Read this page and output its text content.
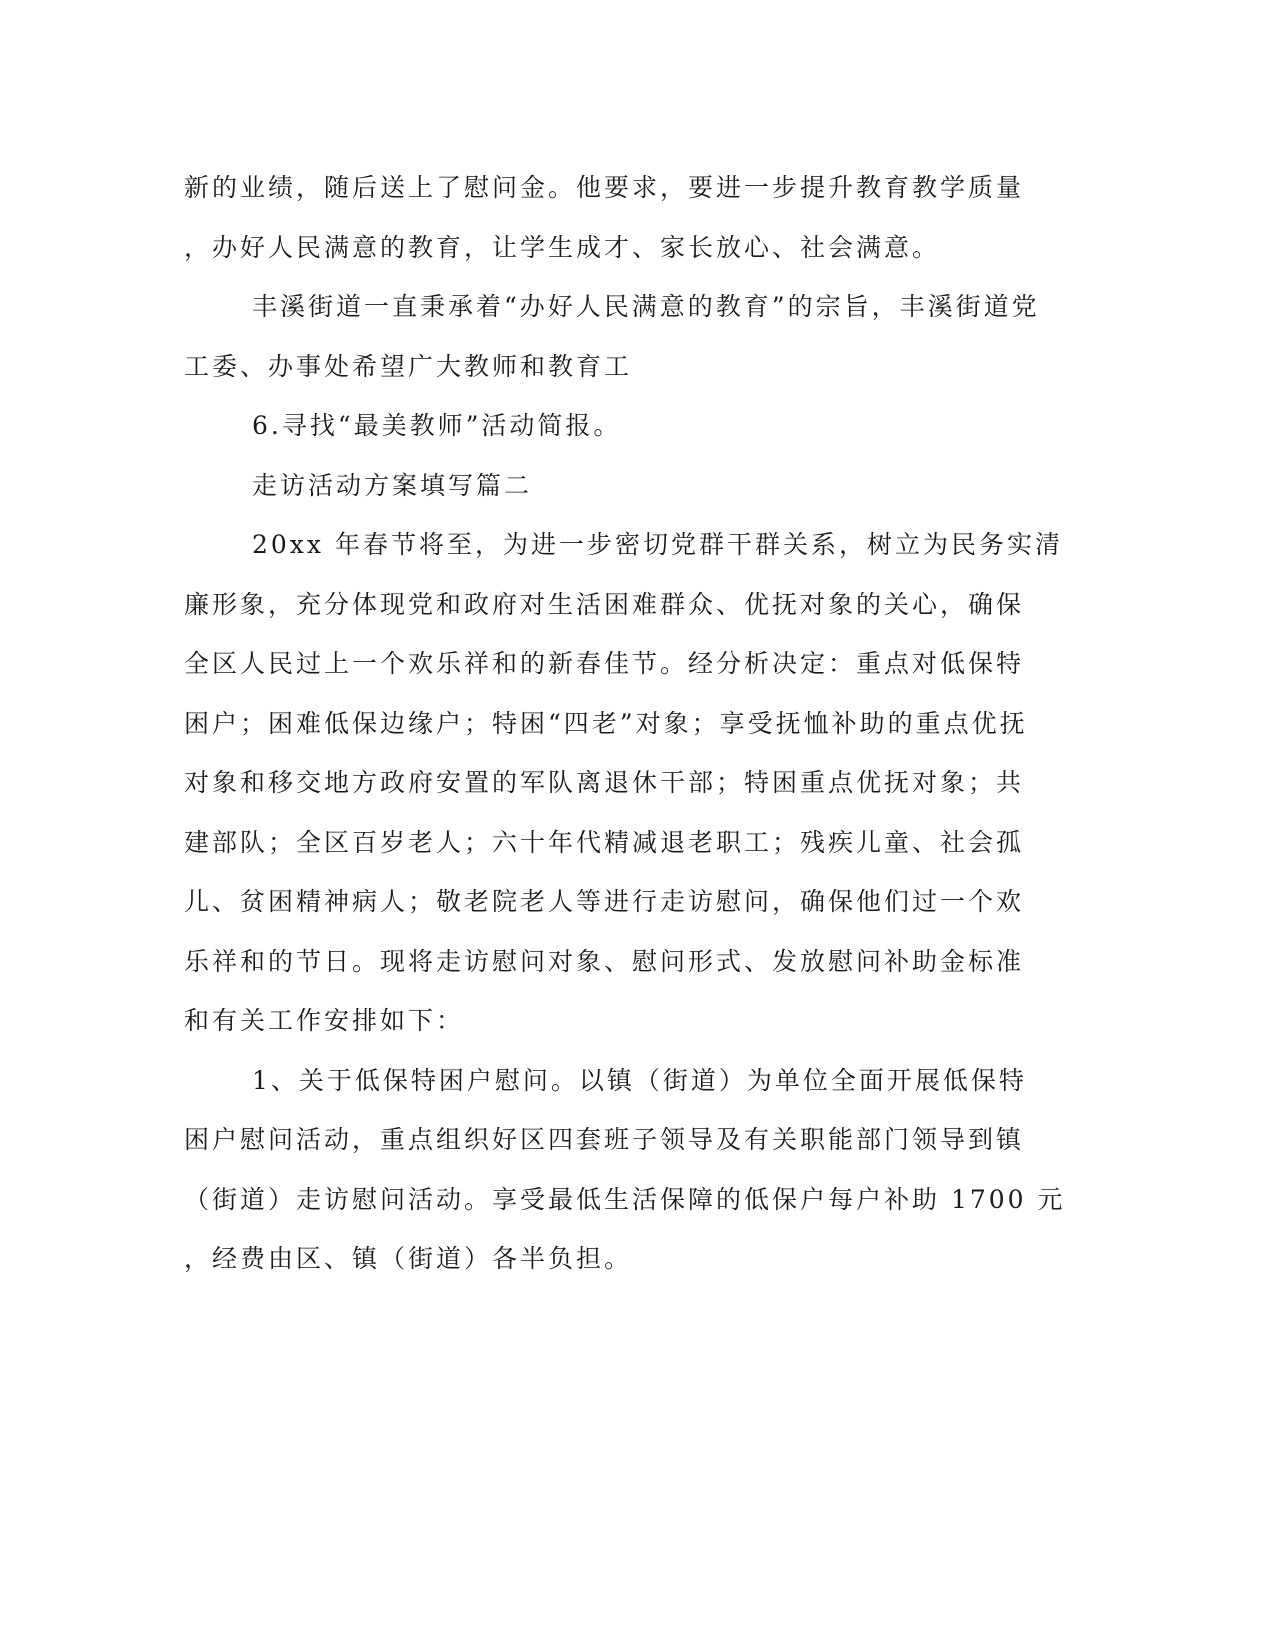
新的业绩，随后送上了慰问金。他要求，要进一步提升教育教学质量
，办好人民满意的教育，让学生成才、家长放心、社会满意。
丰溪街道一直秉承着“办好人民满意的教育”的宗旨，丰溪街道党
工委、办事处希望广大教师和教育工
6.寻找“最美教师”活动简报。
走访活动方案填写篇二
20xx 年春节将至，为进一步密切党群干群关系，树立为民务实清
廉形象，充分体现党和政府对生活困难群众、优抚对象的关心，确保
全区人民过上一个欢乐祥和的新春佳节。经分析决定：重点对低保特
困户；困难低保边缘户；特困“四老”对象；享受抚恤补助的重点优抚
对象和移交地方政府安置的军队离退休干部；特困重点优抚对象；共
建部队；全区百岁老人；六十年代精减退老职工；残疾儿童、社会孤
儿、贫困精神病人；敬老院老人等进行走访慰问，确保他们过一个欢
乐祥和的节日。现将走访慰问对象、慰问形式、发放慰问补助金标准
和有关工作安排如下：
1、关于低保特困户慰问。以镇（街道）为单位全面开展低保特
困户慰问活动，重点组织好区四套班子领导及有关职能部门领导到镇
（街道）走访慰问活动。享受最低生活保障的低保户每户补助 1700 元
，经费由区、镇（街道）各半负担。
